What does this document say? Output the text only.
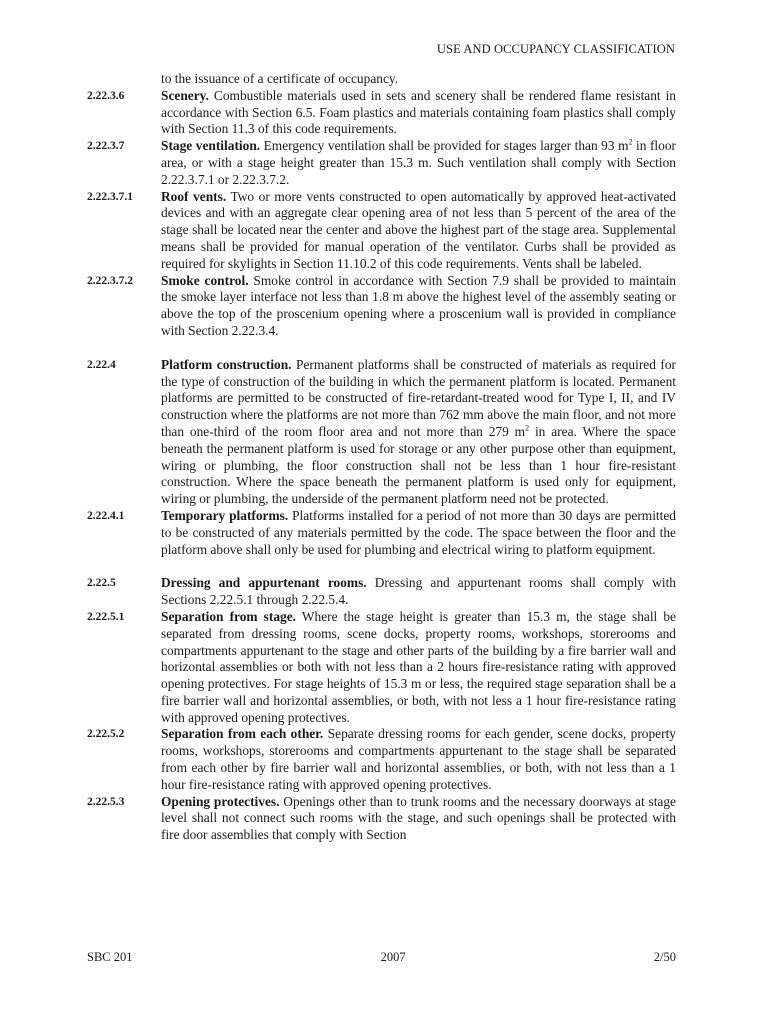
USE AND OCCUPANCY CLASSIFICATION
to the issuance of a certificate of occupancy.
2.22.3.6	Scenery. Combustible materials used in sets and scenery shall be rendered flame resistant in accordance with Section 6.5. Foam plastics and materials containing foam plastics shall comply with Section 11.3 of this code requirements.
2.22.3.7	Stage ventilation. Emergency ventilation shall be provided for stages larger than 93 $m^2$ in floor area, or with a stage height greater than 15.3 m. Such ventilation shall comply with Section 2.22.3.7.1 or 2.22.3.7.2.
2.22.3.7.1	Roof vents. Two or more vents constructed to open automatically by approved heat-activated devices and with an aggregate clear opening area of not less than 5 percent of the area of the stage shall be located near the center and above the highest part of the stage area. Supplemental means shall be provided for manual operation of the ventilator. Curbs shall be provided as required for skylights in Section 11.10.2 of this code requirements. Vents shall be labeled.
2.22.3.7.2	Smoke control. Smoke control in accordance with Section 7.9 shall be provided to maintain the smoke layer interface not less than 1.8 m above the highest level of the assembly seating or above the top of the proscenium opening where a proscenium wall is provided in compliance with Section 2.22.3.4.
2.22.4	Platform construction. Permanent platforms shall be constructed of materials as required for the type of construction of the building in which the permanent platform is located. Permanent platforms are permitted to be constructed of fire-retardant-treated wood for Type I, II, and IV construction where the platforms are not more than 762 mm above the main floor, and not more than one-third of the room floor area and not more than 279 $m^2$ in area. Where the space beneath the permanent platform is used for storage or any other purpose other than equipment, wiring or plumbing, the floor construction shall not be less than 1 hour fire-resistant construction. Where the space beneath the permanent platform is used only for equipment, wiring or plumbing, the underside of the permanent platform need not be protected.
2.22.4.1	Temporary platforms. Platforms installed for a period of not more than 30 days are permitted to be constructed of any materials permitted by the code. The space between the floor and the platform above shall only be used for plumbing and electrical wiring to platform equipment.
2.22.5	Dressing and appurtenant rooms. Dressing and appurtenant rooms shall comply with Sections 2.22.5.1 through 2.22.5.4.
2.22.5.1	Separation from stage. Where the stage height is greater than 15.3 m, the stage shall be separated from dressing rooms, scene docks, property rooms, workshops, storerooms and compartments appurtenant to the stage and other parts of the building by a fire barrier wall and horizontal assemblies or both with not less than a 2 hours fire-resistance rating with approved opening protectives. For stage heights of 15.3 m or less, the required stage separation shall be a fire barrier wall and horizontal assemblies, or both, with not less a 1 hour fire-resistance rating with approved opening protectives.
2.22.5.2	Separation from each other. Separate dressing rooms for each gender, scene docks, property rooms, workshops, storerooms and compartments appurtenant to the stage shall be separated from each other by fire barrier wall and horizontal assemblies, or both, with not less than a 1 hour fire-resistance rating with approved opening protectives.
2.22.5.3	Opening protectives. Openings other than to trunk rooms and the necessary doorways at stage level shall not connect such rooms with the stage, and such openings shall be protected with fire door assemblies that comply with Section
SBC 201	2007	2/50
